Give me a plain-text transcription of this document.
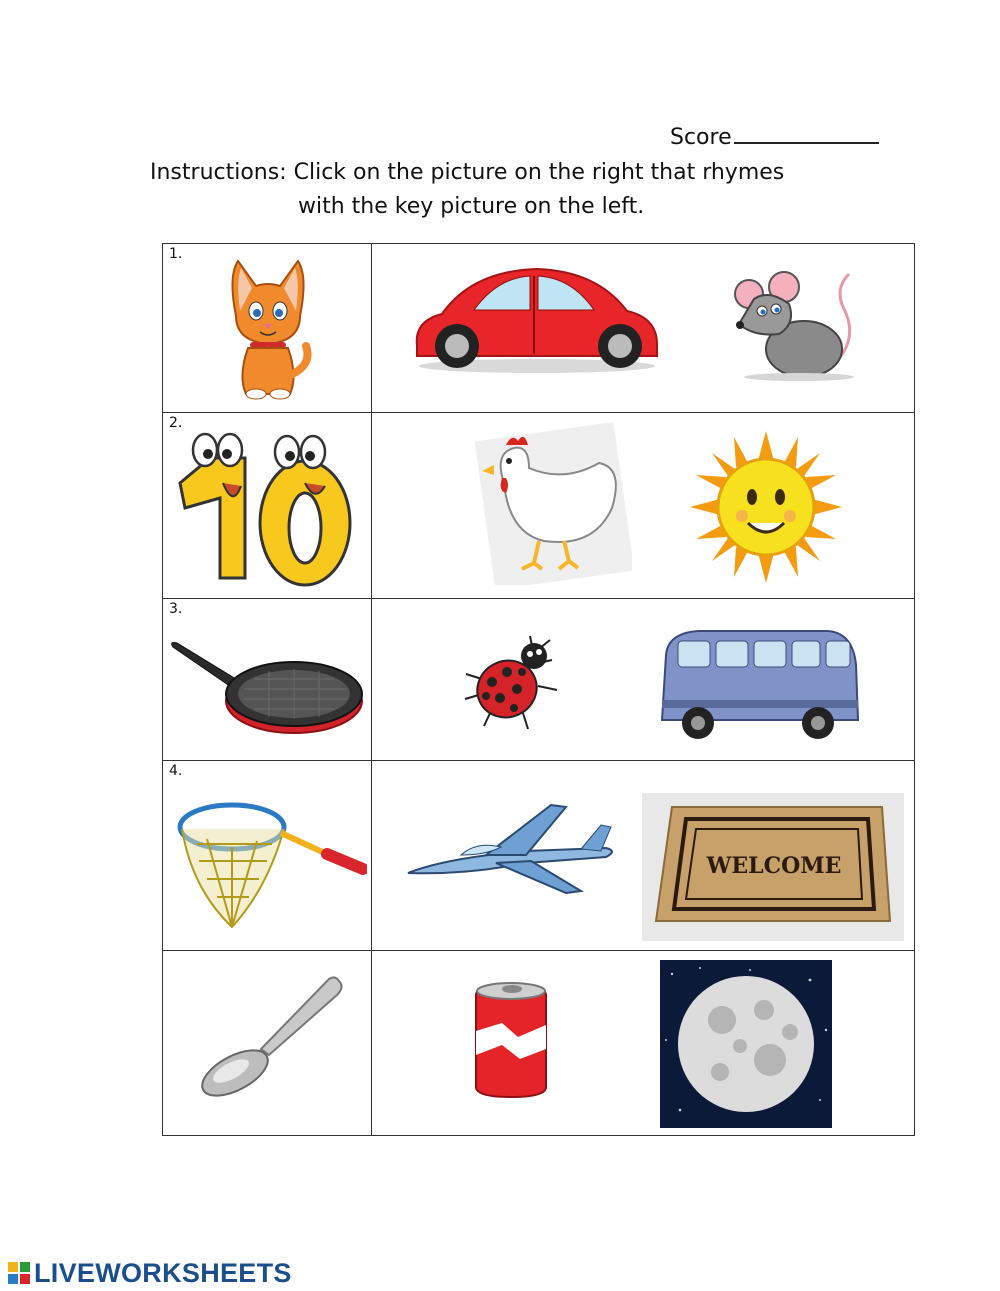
Score
Instructions: Click on the picture on the right that rhymes
with the key picture on the left.
1.

2.

3.

4.	WELCOME

LIVEWORKSHEETS
